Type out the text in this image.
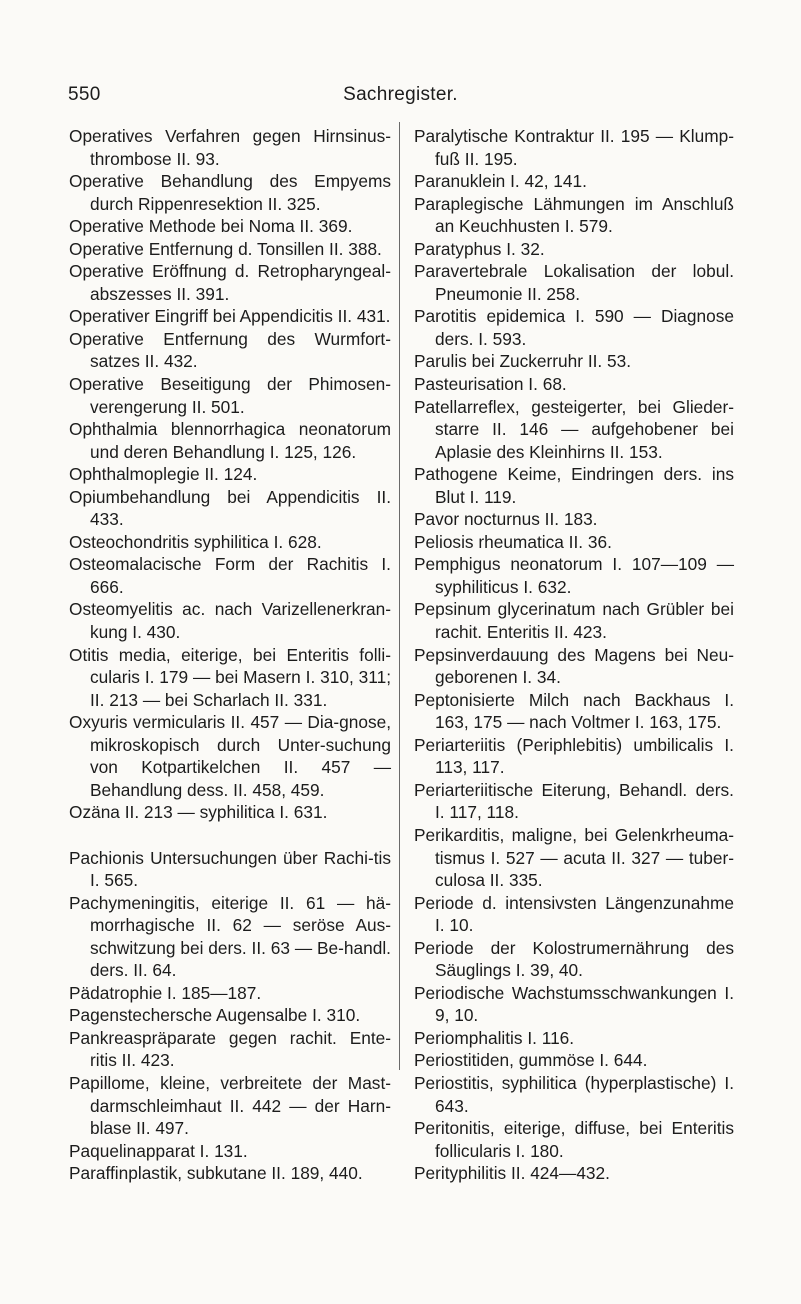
550	Sachregister.
Operatives Verfahren gegen Hirnsinus-thrombose II. 93.
Operative Behandlung des Empyems durch Rippenresektion II. 325.
Operative Methode bei Noma II. 369.
Operative Entfernung d. Tonsillen II. 388.
Operative Eröffnung d. Retropharyngeal-abszesses II. 391.
Operativer Eingriff bei Appendicitis II. 431.
Operative Entfernung des Wurmfort-satzes II. 432.
Operative Beseitigung der Phimosen-verengerung II. 501.
Ophthalmia blennorrhagica neonatorum und deren Behandlung I. 125, 126.
Ophthalmoplegie II. 124.
Opiumbehandlung bei Appendicitis II. 433.
Osteochondritis syphilitica I. 628.
Osteomalacische Form der Rachitis I. 666.
Osteomyelitis ac. nach Varizellenerkran-kung I. 430.
Otitis media, eiterige, bei Enteritis folli-cularis I. 179 — bei Masern I. 310, 311; II. 213 — bei Scharlach II. 331.
Oxyuris vermicularis II. 457 — Dia-gnose, mikroskopisch durch Unter-suchung von Kotpartikelchen II. 457 — Behandlung dess. II. 458, 459.
Ozäna II. 213 — syphilitica I. 631.
Pachionis Untersuchungen über Rachi-tis I. 565.
Pachymeningitis, eiterige II. 61 — hä-morrhagische II. 62 — seröse Aus-schwitzung bei ders. II. 63 — Be-handl. ders. II. 64.
Pädatrophie I. 185—187.
Pagenstechersche Augensalbe I. 310.
Pankreaspräparate gegen rachit. Ente-ritis II. 423.
Papillome, kleine, verbreitete der Mast-darmschleimhaut II. 442 — der Harn-blase II. 497.
Paquelinapparat I. 131.
Paraffinplastik, subkutane II. 189, 440.
Paralytische Kontraktur II. 195 — Klump-fuß II. 195.
Paranuklein I. 42, 141.
Paraplegische Lähmungen im Anschluß an Keuchhusten I. 579.
Paratyphus I. 32.
Paravertebrale Lokalisation der lobul. Pneumonie II. 258.
Parotitis epidemica I. 590 — Diagnose ders. I. 593.
Parulis bei Zuckerruhr II. 53.
Pasteurisation I. 68.
Patellarreflex, gesteigerter, bei Glieder-starre II. 146 — aufgehobener bei Aplasie des Kleinhirns II. 153.
Pathogene Keime, Eindringen ders. ins Blut I. 119.
Pavor nocturnus II. 183.
Peliosis rheumatica II. 36.
Pemphigus neonatorum I. 107—109 — syphiliticus I. 632.
Pepsinum glycerinatum nach Grübler bei rachit. Enteritis II. 423.
Pepsinverdauung des Magens bei Neu-geborenen I. 34.
Peptonisierte Milch nach Backhaus I. 163, 175 — nach Voltmer I. 163, 175.
Periarteriitis (Periphlebitis) umbilicalis I. 113, 117.
Periarteriitische Eiterung, Behandl. ders. I. 117, 118.
Perikarditis, maligne, bei Gelenkrheuma-tismus I. 527 — acuta II. 327 — tuber-culosa II. 335.
Periode d. intensivsten Längenzunahme I. 10.
Periode der Kolostrumernährung des Säuglings I. 39, 40.
Periodische Wachstumsschwankungen I. 9, 10.
Periomphalitis I. 116.
Periostitiden, gummöse I. 644.
Periostitis, syphilitica (hyperplastische) I. 643.
Peritonitis, eiterige, diffuse, bei Enteritis follicularis I. 180.
Perityphilitis II. 424—432.
